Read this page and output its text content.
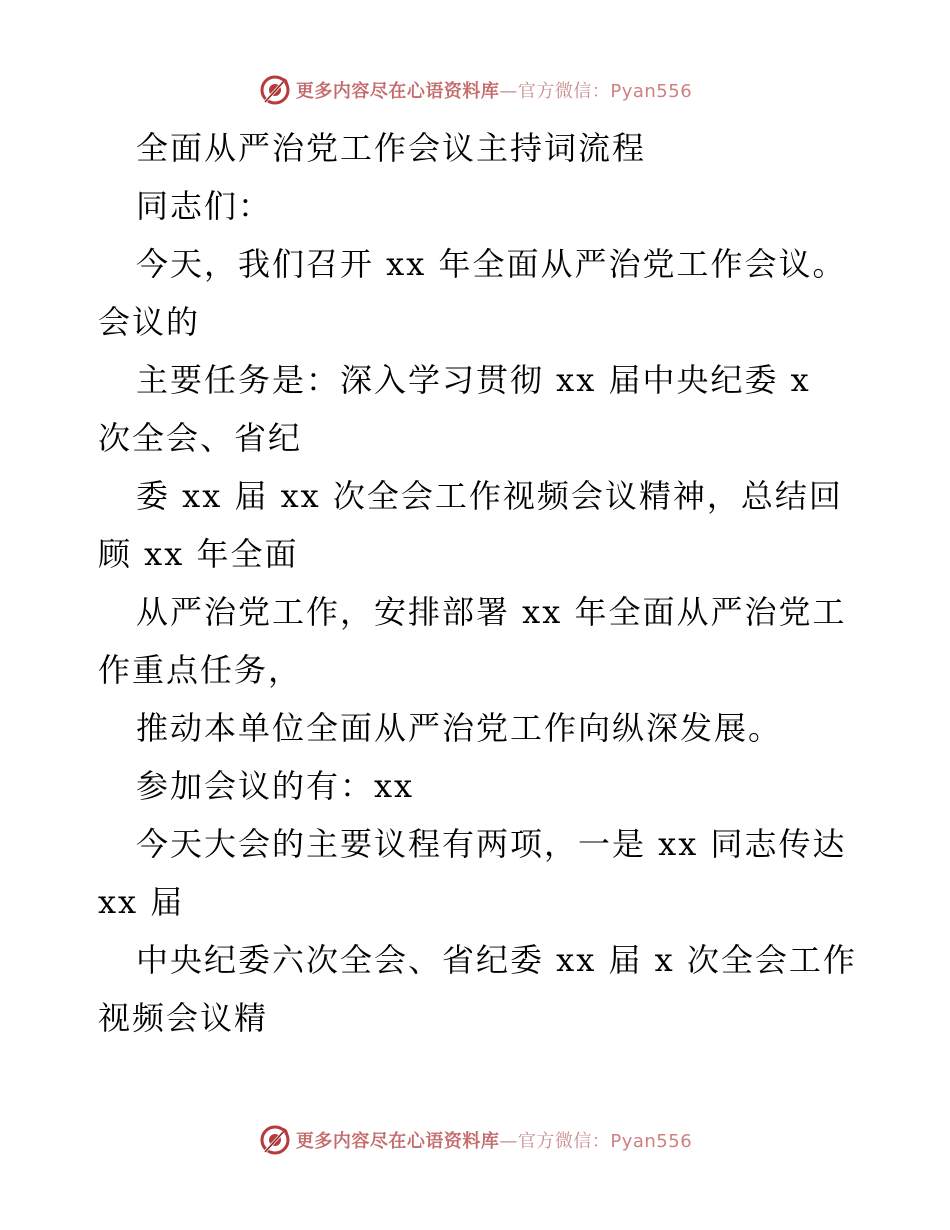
更多内容尽在心语资料库—官方微信：Pyan556
全面从严治党工作会议主持词流程
同志们：
今天，我们召开 xx 年全面从严治党工作会议。
会议的
主要任务是：深入学习贯彻 xx 届中央纪委 x
次全会、省纪
委 xx 届 xx 次全会工作视频会议精神，总结回
顾 xx 年全面
从严治党工作，安排部署 xx 年全面从严治党工
作重点任务，
推动本单位全面从严治党工作向纵深发展。
参加会议的有：xx
今天大会的主要议程有两项，一是 xx 同志传达
xx 届
中央纪委六次全会、省纪委 xx 届 x 次全会工作
视频会议精
更多内容尽在心语资料库—官方微信：Pyan556
